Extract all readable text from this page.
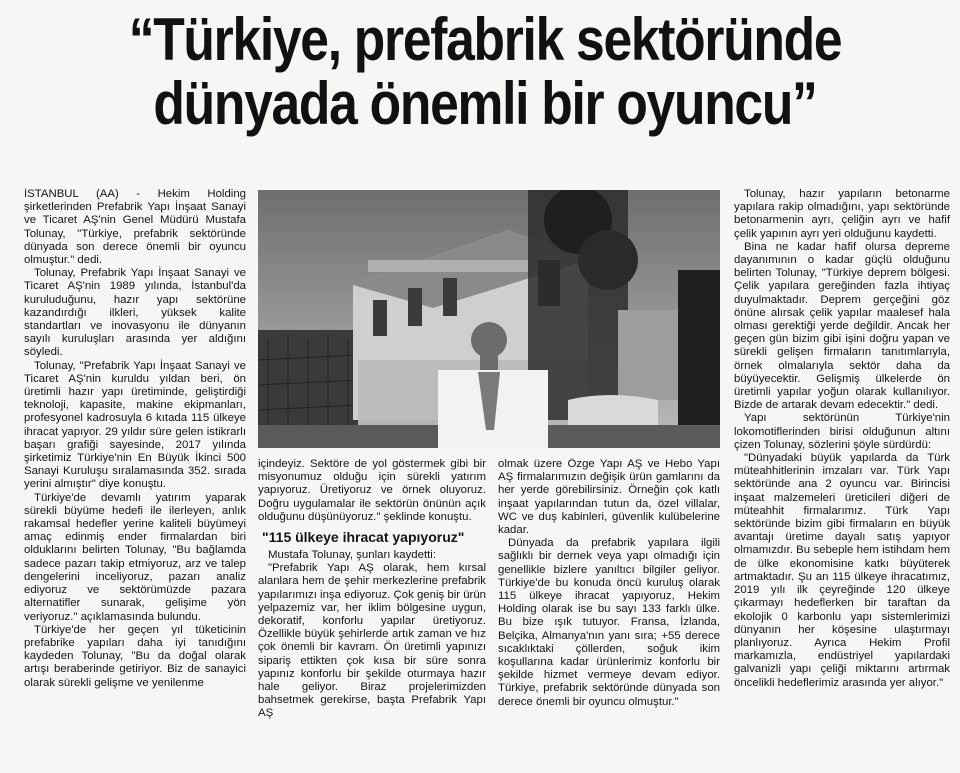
“Türkiye, prefabrik sektöründe
dünyada önemli bir oyuncu”

İSTANBUL (AA) - Hekim Holding şirketlerinden Prefabrik Yapı İnşaat Sanayi ve Ticaret AŞ'nin Genel Müdürü Mustafa Tolunay, "Türkiye, prefabrik sektöründe dünyada son derece önemli bir oyuncu olmuştur." dedi.

Tolunay, Prefabrik Yapı İnşaat Sanayi ve Ticaret AŞ'nin 1989 yılında, İstanbul'da kuruluduğunu, hazır yapı sektörüne kazandırdığı ilkleri, yüksek kalite standartları ve inovasyonu ile dünyanın sayılı kuruluşları arasında yer aldığını söyledi.

Tolunay, "Prefabrik Yapı İnşaat Sanayi ve Ticaret AŞ'nin kuruldu yıldan beri, ön üretimli hazır yapı üretiminde, geliştirdiği teknoloji, kapasite, makine ekipmanları, profesyonel kadrosuyla 6 kıtada 115 ülkeye ihracat yapıyor. 29 yıldır süre gelen istikrarlı başarı grafiği sayesinde, 2017 yılında şirketimiz Türkiye'nin En Büyük İkinci 500 Sanayi Kuruluşu sıralamasında 352. sırada yerini almıştır" diye konuştu.

Türkiye'de devamlı yatırım yaparak sürekli büyüme hedefi ile ilerleyen, anlık rakamsal hedefler yerine kaliteli büyümeyi amaç edinmiş ender firmalardan biri olduklarını belirten Tolunay, "Bu bağlamda sadece pazarı takip etmiyoruz, arz ve talep dengelerini inceliyoruz, pazarı analiz ediyoruz ve sektörümüzde pazara alternatifler sunarak, gelişime yön veriyoruz." açıklamasında bulundu.

Türkiye'de her geçen yıl tüketicinin prefabrike yapıları daha iyi tanıdığını kaydeden Tolunay, "Bu da doğal olarak artışı beraberinde getiriyor. Biz de sanayici olarak sürekli gelişme ve yenilenme

içindeyiz. Sektöre de yol göstermek gibi bir misyonumuz olduğu için sürekli yatırım yapıyoruz. Üretiyoruz ve örnek oluyoruz. Doğru uygulamalar ile sektörün önünün açık olduğunu düşünüyoruz." şeklinde konuştu.

"115 ülkeye ihracat yapıyoruz"

Mustafa Tolunay, şunları kaydetti:

"Prefabrik Yapı AŞ olarak, hem kırsal alanlara hem de şehir merkezlerine prefabrik yapılarımızı inşa ediyoruz. Çok geniş bir ürün yelpazemiz var, her iklim bölgesine uygun, dekoratif, konforlu yapılar üretiyoruz. Özellikle büyük şehirlerde artık zaman ve hız çok önemli bir kavram. Ön üretimli yapınızı sipariş ettikten çok kısa bir süre sonra yapınız konforlu bir şekilde oturmaya hazır hale geliyor. Biraz projelerimizden bahsetmek gerekirse, başta Prefabrik Yapı AŞ

olmak üzere Özge Yapı AŞ ve Hebo Yapı AŞ firmalarımızın değişik ürün gamlarını da her yerde görebilirsiniz. Örneğin çok katlı inşaat yapılarından tutun da, özel villalar, WC ve duş kabinleri, güvenlik kulübelerine kadar.

Dünyada da prefabrik yapılara ilgili sağlıklı bir dernek veya yapı olmadığı için genellikle bizlere yanıltıcı bilgiler geliyor. Türkiye'de bu konuda öncü kuruluş olarak 115 ülkeye ihracat yapıyoruz, Hekim Holding olarak ise bu sayı 133 farklı ülke. Bu bize ışık tutuyor. Fransa, İzlanda, Belçika, Almanya'nın yanı sıra; +55 derece sıcaklıktaki çöllerden, soğuk ikim koşullarına kadar ürünlerimiz konforlu bir şekilde hizmet vermeye devam ediyor. Türkiye, prefabrik sektöründe dünyada son derece önemli bir oyuncu olmuştur."

Tolunay, hazır yapıların betonarme yapılara rakip olmadığını, yapı sektöründe betonarmenin ayrı, çeliğin ayrı ve hafif çelik yapının ayrı yeri olduğunu kaydetti.

Bina ne kadar hafif olursa depreme dayanımının o kadar güçlü olduğunu belirten Tolunay, "Türkiye deprem bölgesi. Çelik yapılara gereğinden fazla ihtiyaç duyulmaktadır. Deprem gerçeğini göz önüne alırsak çelik yapılar maalesef hala olması gerektiği yerde değildir. Ancak her geçen gün bizim gibi işini doğru yapan ve sürekli gelişen firmaların tanıtımlarıyla, örnek olmalarıyla sektör daha da büyüyecektir. Gelişmiş ülkelerde ön üretimli yapılar yoğun olarak kullanılıyor. Bizde de artarak devam edecektir." dedi.

Yapı sektörünün Türkiye'nin lokomotiflerinden birisi olduğunun altını çizen Tolunay, sözlerini şöyle sürdürdü:

"Dünyadaki büyük yapılarda da Türk müteahhitlerinin imzaları var. Türk Yapı sektöründe ana 2 oyuncu var. Birincisi inşaat malzemeleri üreticileri diğeri de müteahhit firmalarımız. Türk Yapı sektöründe bizim gibi firmaların en büyük avantajı üretime dayalı satış yapıyor olmamızdır. Bu sebeple hem istihdam hem de ülke ekonomisine katkı büyüterek artmaktadır. Şu an 115 ülkeye ihracatımız, 2019 yılı ilk çeyreğinde 120 ülkeye çıkarmayı hedeflerken bir taraftan da ekolojik 0 karbonlu yapı sistemlerimizi dünyanın her köşesine ulaştırmayı planlıyoruz. Ayrıca Hekim Profil markamızla, endüstriyel yapılardaki galvanizli yapı çeliği miktarını artırmak öncelikli hedeflerimiz arasında yer alıyor."
